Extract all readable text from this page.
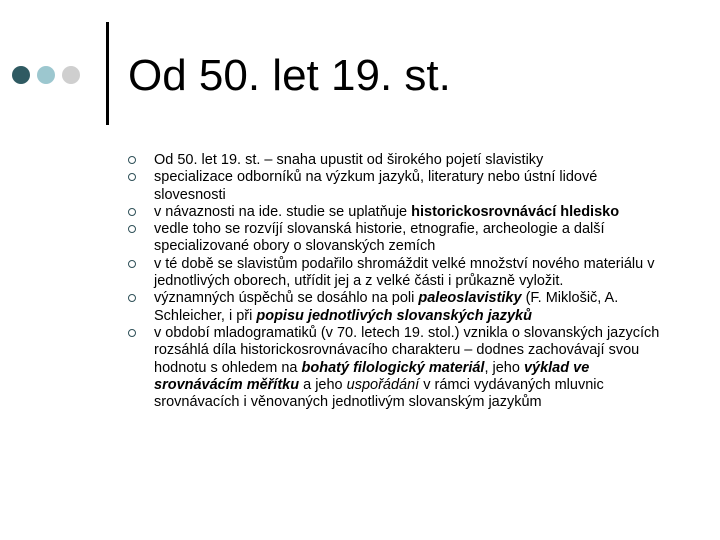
Od 50. let 19. st.
Od 50. let 19. st. – snaha upustit od širokého pojetí slavistiky
specializace odborníků na výzkum jazyků, literatury nebo ústní lidové slovesnosti
v návaznosti na ide. studie se uplatňuje historickosrovnávácí hledisko
vedle toho se rozvíjí slovanská historie, etnografie, archeologie a další specializované obory o slovanských zemích
v té době se slavistům podařilo shromáždit velké množství nového materiálu v jednotlivých oborech, utřídit jej a z velké části i průkazně vyložit.
významných úspěchů se dosáhlo na poli paleoslavistiky (F. Miklošič, A. Schleicher, i při popisu jednotlivých slovanských jazyků
v období mladogramatiků (v 70. letech 19. stol.) vznikla o slovanských jazycích rozsáhlá díla historickosrovnávacího charakteru – dodnes zachovávají svou hodnotu s ohledem na bohatý filologický materiál, jeho výklad ve srovnávácím měřítku a jeho uspořádání v rámci vydávaných mluvnic srovnávacích i věnovaných jednotlivým slovanským jazykům
